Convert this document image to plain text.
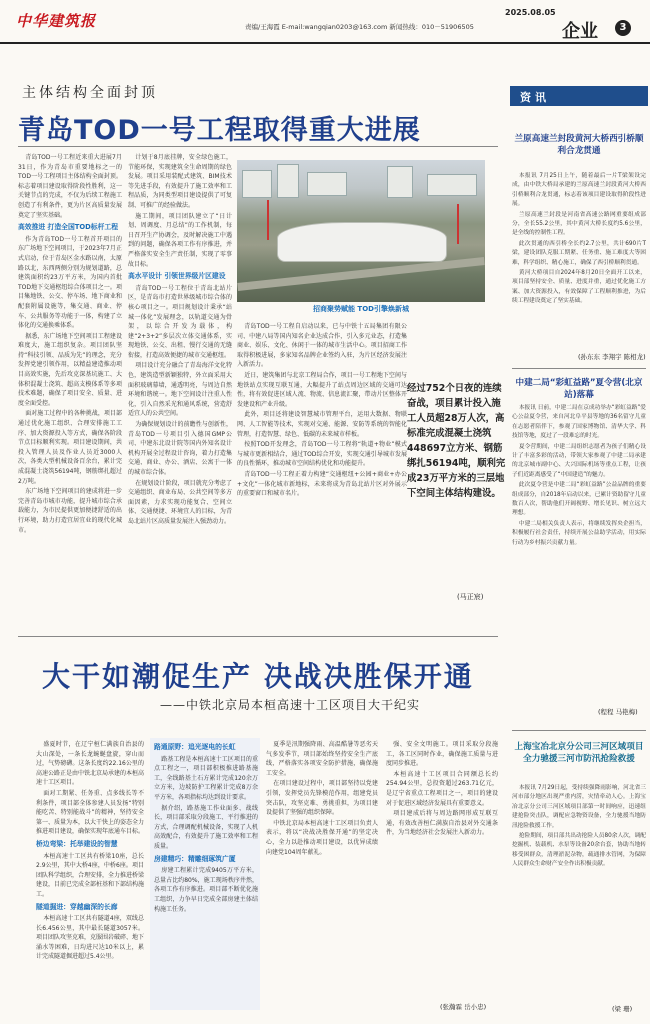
中华建筑报	2025.08.05
责编/王海霞 E-mail:wangqian0203@163.com 新闻热线：010－51906505	企业	3
主体结构全面封顶
青岛TOD一号工程取得重大进展

青岛TOD一号工程近来重大进展7月31日，作为青岛市重要地标之一的TOD一号工程项目主体结构全面封顶。标志着项目建设取得阶段性胜利，这一关键节点的完成，不仅为后续工程施工创造了有利条件，更为片区高质量发展奠定了坚实基础。

高效推进 打造全国TOD标杆工程

作为青岛TOD一号工程首开项目的东广场地下空间项目，于2023年7月正式启动，位于青岛区金水路以南，太原路以北，东西两侧分别为规划道路，总建筑面积约23万平方米，为国内首批TOD地下交通枢纽综合体项目之一。项目集地铁、公交、停车场、地下商业和配套附属设施等，集交通、商业、停车、公共服务等功能于一体，构建了立体化的交通换乘体系。

据悉，东广场地下空间项目工程建设难度大，施工组织复杂。项目团队坚持“科技引领、品质为先”的理念，充分发挥党建引领作用，以精益建造推动项目高效实施，先后攻克深基坑施工、大体积混凝土浇筑、超高支模体系等多项技术难题，确保了项目安全、质量、进度全面受控。

面对施工过程中的各种挑战，项目部通过优化施工组织、合理安排施工工序、加大资源投入等方式，确保各阶段节点目标顺利实现。项目建设期间，共投入管理人员及作业人员近3000人次，各类大型机械设备百余台，累计完成混凝土浇筑56194吨，钢筋绑扎超过2万吨。

东广场地下空间项目的建成将进一步完善青岛市城市功能，提升城市综合承载能力，为市民提供更加便捷舒适的出行环境，助力打造宜居宜业的现代化城市。

计划于8月底挂牌，安全绿色施工，节能环保，实现建筑全生命周期的绿色发展。项目采用装配式建筑、BIM技术等先进手段，有效提升了施工效率和工程品质，为同类型项目建设提供了可复制、可推广的经验做法。

施工期间，项目团队建立了“日计划、周调度、月总结”的工作机制，每日召开生产协调会，及时解决施工中遇到的问题，确保各项工作有序推进，并严格落实安全生产责任制，实现了零事故目标。

高水平设计 引领世界级片区建设

青岛TOD一号工程位于青岛北站片区，是青岛市打造世界级城市综合体的核心项目之一。项目规划设计秉承“站城一体化”发展理念，以轨道交通为骨架，以综合开发为载体，构建“2+3+2”多层次立体交通体系，实现地铁、公交、出租、慢行交通的无缝衔接，打造高效便捷的城市交通枢纽。

项目设计充分融合了青岛海洋文化特色，建筑造型新颖独特，外立面采用大面积玻璃幕墙，通透明亮，与周边自然环境和谐统一。地下空间设计注重人性化，引入自然采光和通风系统，营造舒适宜人的公共空间。

为确保规划设计的前瞻性与创新性，青岛TOD一号项目引入德国GMP公司、中建东北设计院等国内外知名设计机构开展全过程设计咨询，着力打造集交通、商业、办公、酒店、公寓于一体的城市综合体。

在规划设计阶段，项目就充分考虑了交通组织、商业布局、公共空间等多方面因素，力求实现功能复合、空间立体、交通便捷、环境宜人的目标，为青岛北站片区高质量发展注入强劲动力。

招商聚势赋能 TOD引擎焕新城

青岛TOD一号工程自启动以来，已与中铁十五局集团有限公司、中建八局等国内知名企业达成合作，引入多元业态，打造集商业、娱乐、文化、休闲于一体的城市生活中心。项目招商工作取得积极进展，多家知名品牌企业签约入驻，为片区经济发展注入新活力。

近日，建筑集团与北京工程局合作，项目一号工程地下空间与地铁站点实现互联互通，大幅提升了站点周边区域的交通可达性，将有效促进区域人流、物流、信息流汇聚，带动片区整体开发建设和产业升级。

此外，项目还将建设智慧城市管理平台，运用大数据、物联网、人工智能等技术，实现对交通、能源、安防等系统的智能化管理，打造智慧、绿色、低碳的未来城市样板。

按照TOD开发理念，青岛TOD一号工程将“轨道+物业”模式与城市更新相结合，通过TOD综合开发，实现交通引导城市发展的良性循环，推动城市空间结构优化和功能提升。

青岛TOD一号工程正着力构建“交通枢纽+公园+商业+办公+文化”一体化城市新地标，未来将成为青岛北站片区对外展示的重要窗口和城市名片。

经过752个日夜的连续奋战，项目累计投入施工人员超28万人次，高标准完成混凝土浇筑448697立方米、钢筋绑扎56194吨，顺利完成23万平方米的三层地下空间主体结构建设。
(马正宸)
资讯
兰原高速兰封段黄河大桥西引桥顺利合龙贯通

本报讯 7月25日上午，随着最后一片T梁架设完成，由中铁大桥局承建的兰原高速兰封段黄河大桥西引桥顺利合龙贯通，标志着该项目建设取得阶段性进展。

兰原高速兰封段是河南省高速公路网重要组成部分，全长55.2公里，其中黄河大桥长度约5.6公里，是全线的控制性工程。

此次贯通的西引桥全长约2.7公里，共计690片T梁，建设团队克服工期紧、任务重、施工难度大等困难，科学组织、精心施工，确保了西引桥顺利贯通。

黄河大桥项目自2024年8月20日全面开工以来，项目部坚持安全、质量、进度并重，通过优化施工方案、加大资源投入，有效保障了工程顺利推进，为后续工程建设奠定了坚实基础。

(孙东东 李翔宇 陈相龙)
中建二局“彩虹益路”夏令营(北京站)落幕

本报讯 日前，中建二局在京成功举办“彩虹益路”爱心公益夏令营，来自河北阜平县等地的36名留守儿童在志愿者陪伴下，参观了国家博物馆、清华大学、科技馆等地，度过了一段难忘的时光。

夏令营期间，中建二局组织志愿者为孩子们精心设计了丰富多彩的活动，带领大家参观了中建二局承建的北京城市副中心、大兴国际机场等重点工程，让孩子们近距离感受了“中国建造”的魅力。

此次夏令营是中建二局“彩虹益路”公益品牌的重要组成部分，自2018年启动以来，已累计资助留守儿童数百人次，帮助他们开阔视野、增长见识、树立远大理想。

中建二局相关负责人表示，将继续发挥央企担当，积极履行社会责任，持续开展公益助学活动，用实际行动为乡村振兴贡献力量。

(程程 马艳梅)
上海宝冶北京分公司三河区域项目全力驰援三河市防汛抢险救援

本报讯 7月29日起，受持续强降雨影响，河北省三河市部分地区出现严重内涝，灾情牵动人心。上海宝冶北京分公司三河区域项目部第一时间响应，迅速组建抢险突击队，调配应急物资设备，全力驰援当地防汛抢险救援工作。

抢险期间，项目部共出动抢险人员80余人次，调配挖掘机、装载机、水泵等设备20余台套，协助当地转移受困群众，清理淤泥杂物，疏通排水管网，为保障人民群众生命财产安全作出积极贡献。

(梁 珊)
大干如潮促生产 决战决胜保开通
——中铁北京局本桓高速十工区项目大干纪实

盛夏时节，在辽宁桓仁满族自治县的大山深处，一条长龙蜿蜒盘旋，穿山而过，气势磅礴。这条长度约22.16公里的高速公路正是由中铁北京局承建的本桓高速十工区项目。

面对工期紧、任务重、点多线长等不利条件，项目部全体参建人员发扬“特别能吃苦、特别能战斗”的精神，坚持安全第一、质量为本，以大干快上的姿态全力推进项目建设，确保实现年底通车目标。

桥边弯梁：托举建设的智慧

本桓高速十工区共有桥梁10座，总长2.9公里，其中大桥4座，中桥6座。项目团队科学组织，合理安排，全力推进桥梁建设，目前已完成全部桩基和下部结构施工。

隧道掘进：穿越幽深的长廊

本桓高速十工区共有隧道4座，双线总长6.456公里，其中最长隧道3057米。项目团队攻坚克难，克服围岩破碎、地下涌水等困难，日均进尺达10米以上，累计完成隧道掘进超过5.4公里。

路通原野：追光逐电的长虹

路基工程是本桓高速十工区项目的重点工程之一，项目部积极推进路基施工，全线路基土石方累计完成120余万立方米，边坡防护工程累计完成8万余平方米，各项指标均达到设计要求。

据介绍，路基施工作业面多、战线长，项目部采取分段施工、平行推进的方式，合理调配机械设备，实现了人机高效配合，有效提升了施工效率和工程质量。

房建精巧：精雕细琢筑广厦

房建工程累计完成9405万平方米，总量占比约80%，施工现场秩序井然，各项工作有序推进。项目部不断优化施工组织，力争早日完成全部房建主体结构施工任务。

夏季是汛期强降雨、高温酷暑等恶劣天气多发季节，项目部始终坚持安全生产底线，严格落实各项安全防护措施，确保施工安全。

在项目建设过程中，项目部坚持以党建引领，发挥党员先锋模范作用，组建党员突击队，攻坚克难、勇挑重担，为项目建设提供了坚强的组织保障。

中铁北京局本桓高速十工区项目负责人表示，将以“决战决胜保开通”的坚定决心，全力以赴推动项目建设，以优异成绩向建党104周年献礼。

强、安全文明施工。项目采取分段施工，各工区同时作业，确保施工质量与进度同步推进。

本桓高速十工区项目合同额总长约254.94公里，总投资超过263.71亿元，是辽宁省重点工程项目之一，项目的建设对于促进区域经济发展具有重要意义。

项目建成后将与周边路网形成互联互通，有效改善桓仁满族自治县对外交通条件，为当地经济社会发展注入新动力。

(张瀚霖 岳小忠)
